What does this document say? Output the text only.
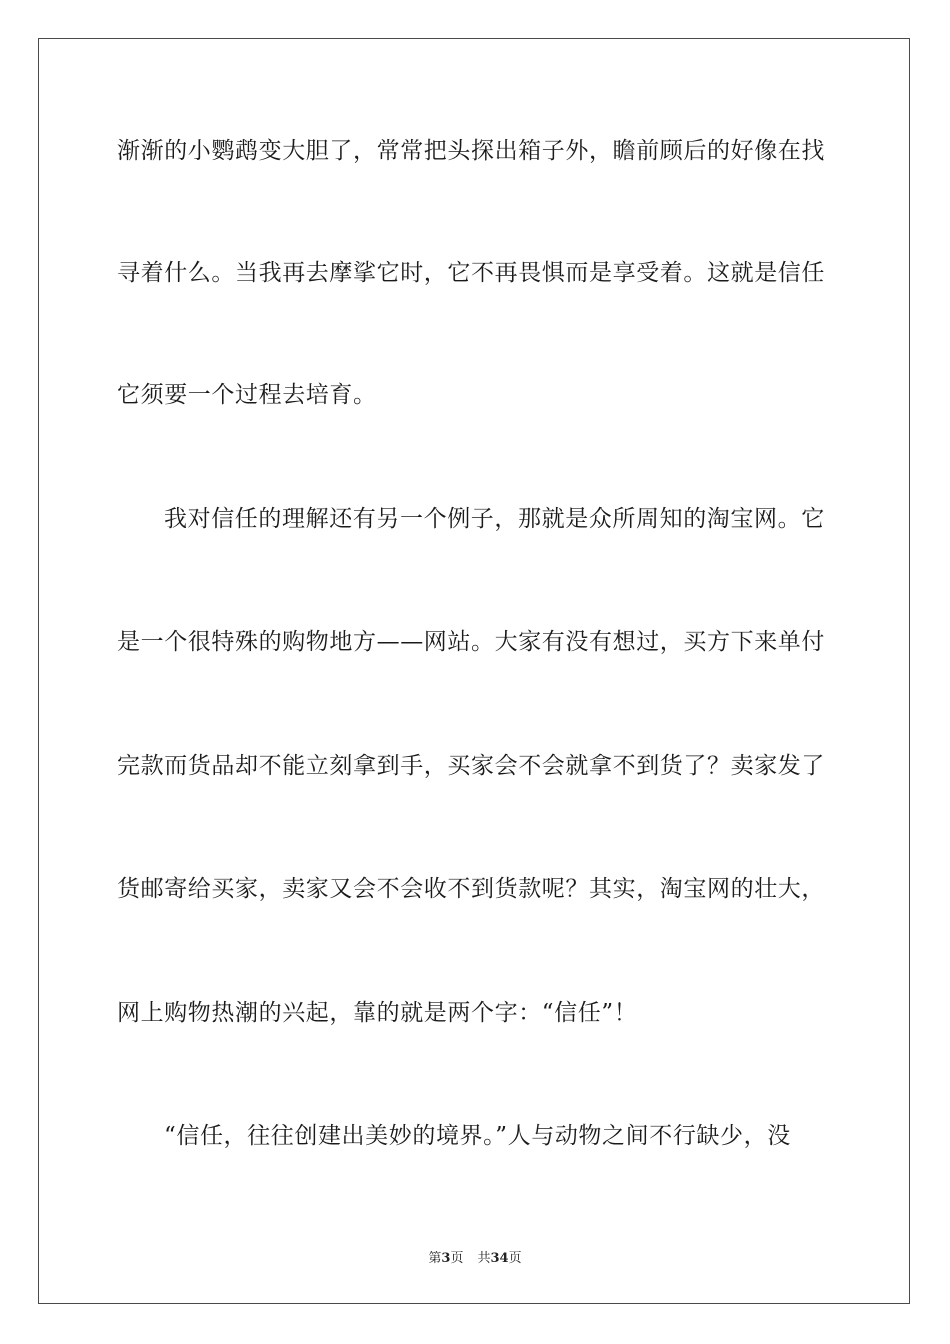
渐渐的小鹦鹉变大胆了，常常把头探出箱子外，瞻前顾后的好像在找

寻着什么。当我再去摩挲它时，它不再畏惧而是享受着。这就是信任

它须要一个过程去培育。

我对信任的理解还有另一个例子，那就是众所周知的淘宝网。它

是一个很特殊的购物地方——网站。大家有没有想过，买方下来单付

完款而货品却不能立刻拿到手，买家会不会就拿不到货了？卖家发了

货邮寄给买家，卖家又会不会收不到货款呢？其实，淘宝网的壮大，

网上购物热潮的兴起，靠的就是两个字：“信任”！

“信任，往往创建出美妙的境界。”人与动物之间不行缺少，没

第3页 共34页
